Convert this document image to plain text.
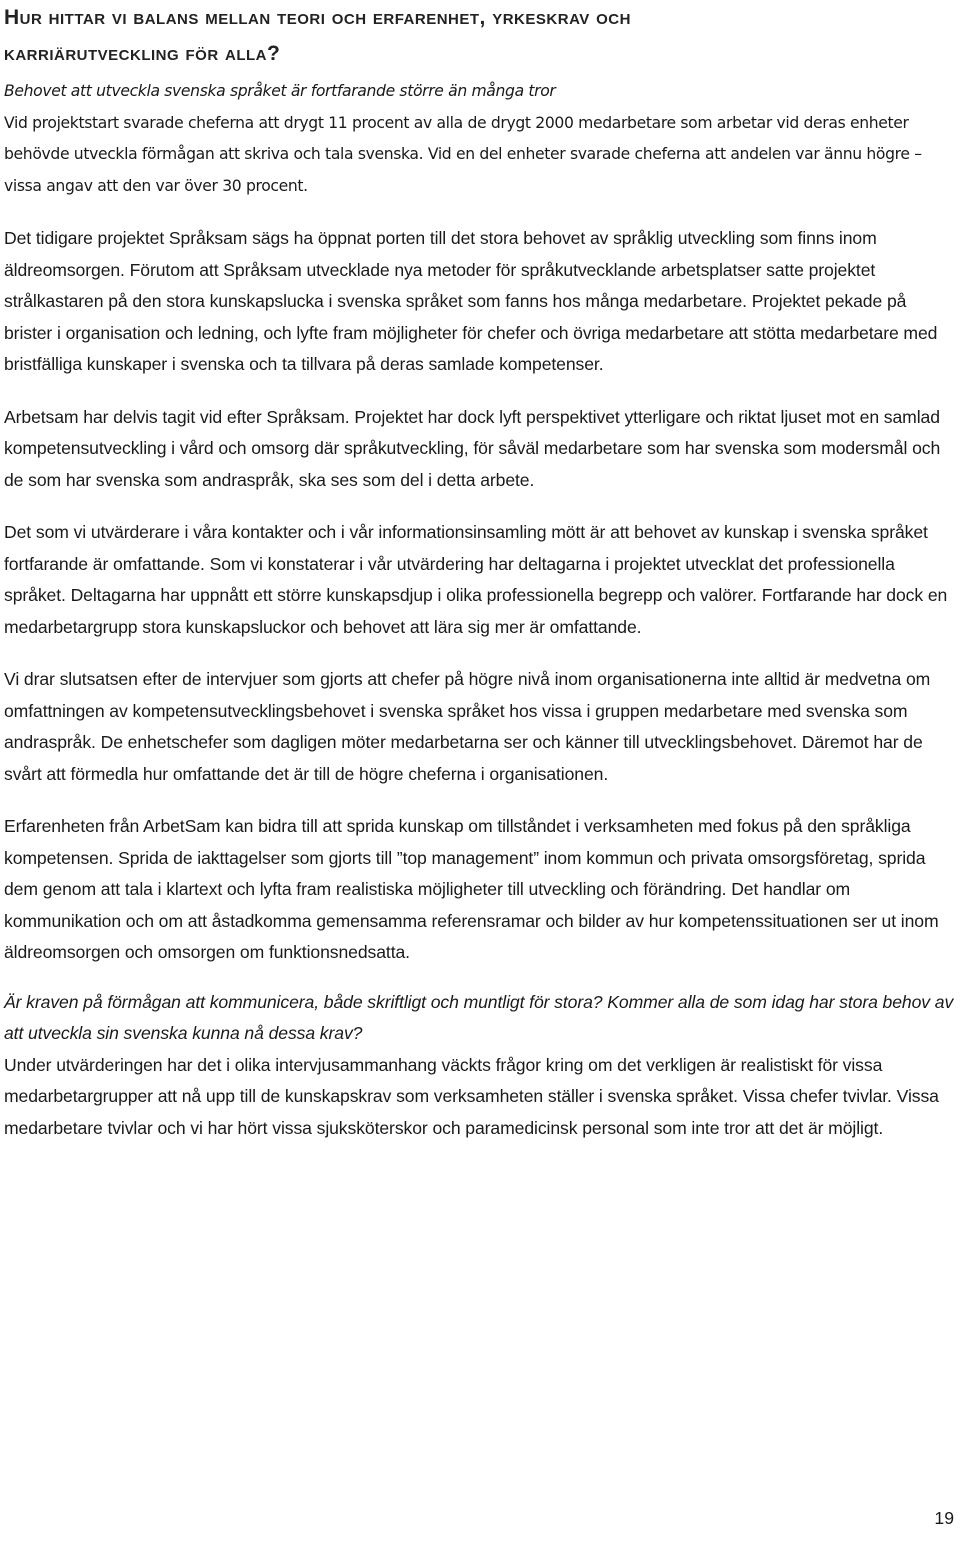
Hur hittar vi balans mellan teori och erfarenhet, yrkeskrav och
karriärutveckling för alla?

Behovet att utveckla svenska språket är fortfarande större än många tror
Vid projektstart svarade cheferna att drygt 11 procent av alla de drygt 2000 medarbetare som arbetar vid deras enheter behövde utveckla förmågan att skriva och tala svenska. Vid en del enheter svarade cheferna att andelen var ännu högre – vissa angav att den var över 30 procent.

Det tidigare projektet Språksam sägs ha öppnat porten till det stora behovet av språklig utveckling som finns inom äldreomsorgen. Förutom att Språksam utvecklade nya metoder för språkutvecklande arbetsplatser satte projektet strålkastaren på den stora kunskapslucka i svenska språket som fanns hos många medarbetare. Projektet pekade på brister i organisation och ledning, och lyfte fram möjligheter för chefer och övriga medarbetare att stötta medarbetare med bristfälliga kunskaper i svenska och ta tillvara på deras samlade kompetenser.

Arbetsam har delvis tagit vid efter Språksam. Projektet har dock lyft perspektivet ytterligare och riktat ljuset mot en samlad kompetensutveckling i vård och omsorg där språkutveckling, för såväl medarbetare som har svenska som modersmål och de som har svenska som andraspråk, ska ses som del i detta arbete.

Det som vi utvärderare i våra kontakter och i vår informationsinsamling mött är att behovet av kunskap i svenska språket fortfarande är omfattande. Som vi konstaterar i vår utvärdering har deltagarna i projektet utvecklat det professionella språket. Deltagarna har uppnått ett större kunskapsdjup i olika professionella begrepp och valörer. Fortfarande har dock en medarbetargrupp stora kunskapsluckor och behovet att lära sig mer är omfattande.

Vi drar slutsatsen efter de intervjuer som gjorts att chefer på högre nivå inom organisationerna inte alltid är medvetna om omfattningen av kompetensutvecklingsbehovet i svenska språket hos vissa i gruppen medarbetare med svenska som andraspråk. De enhetschefer som dagligen möter medarbetarna ser och känner till utvecklingsbehovet. Däremot har de svårt att förmedla hur omfattande det är till de högre cheferna i organisationen.

Erfarenheten från ArbetSam kan bidra till att sprida kunskap om tillståndet i verksamheten med fokus på den språkliga kompetensen. Sprida de iakttagelser som gjorts till ”top management” inom kommun och privata omsorgsföretag, sprida dem genom att tala i klartext och lyfta fram realistiska möjligheter till utveckling och förändring. Det handlar om kommunikation och om att åstadkomma gemensamma referensramar och bilder av hur kompetenssituationen ser ut inom äldreomsorgen och omsorgen om funktionsnedsatta.

Är kraven på förmågan att kommunicera, både skriftligt och muntligt för stora? Kommer alla de som idag har stora behov av att utveckla sin svenska kunna nå dessa krav?
Under utvärderingen har det i olika intervjusammanhang väckts frågor kring om det verkligen är realistiskt för vissa medarbetargrupper att nå upp till de kunskapskrav som verksamheten ställer i svenska språket. Vissa chefer tvivlar. Vissa medarbetare tvivlar och vi har hört vissa sjuksköterskor och paramedicinsk personal som inte tror att det är möjligt.

19
